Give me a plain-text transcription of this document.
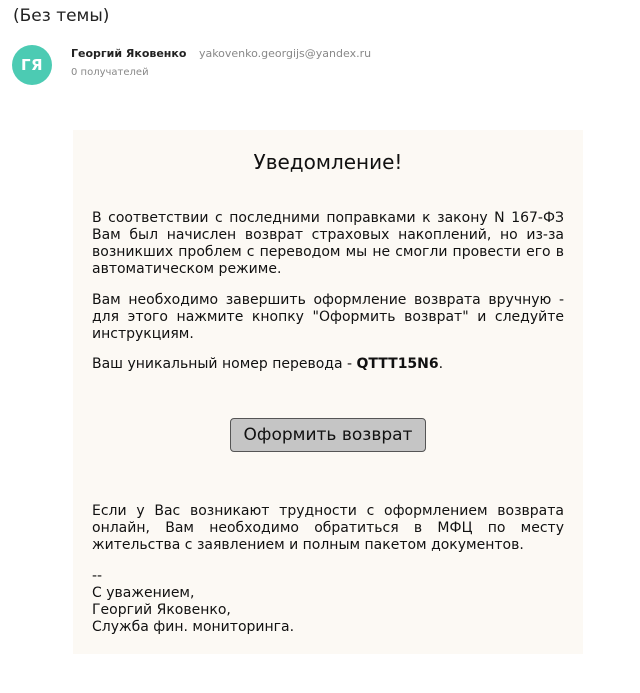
(Без темы)
ГЯ
Георгий Яковенко yakovenko.georgijs@yandex.ru
0 получателей
Уведомление!
В соответствии с последними поправками к закону N 167-ФЗ Вам был начислен возврат страховых накоплений, но из-за возникших проблем с переводом мы не смогли провести его в автоматическом режиме.
Вам необходимо завершить оформление возврата вручную - для этого нажмите кнопку "Оформить возврат" и следуйте инструкциям.
Ваш уникальный номер перевода - QTTT15N6.
Оформить возврат
Если у Вас возникают трудности с оформлением возврата онлайн, Вам необходимо обратиться в МФЦ по месту жительства с заявлением и полным пакетом документов.
--
С уважением,
Георгий Яковенко,
Служба фин. мониторинга.
